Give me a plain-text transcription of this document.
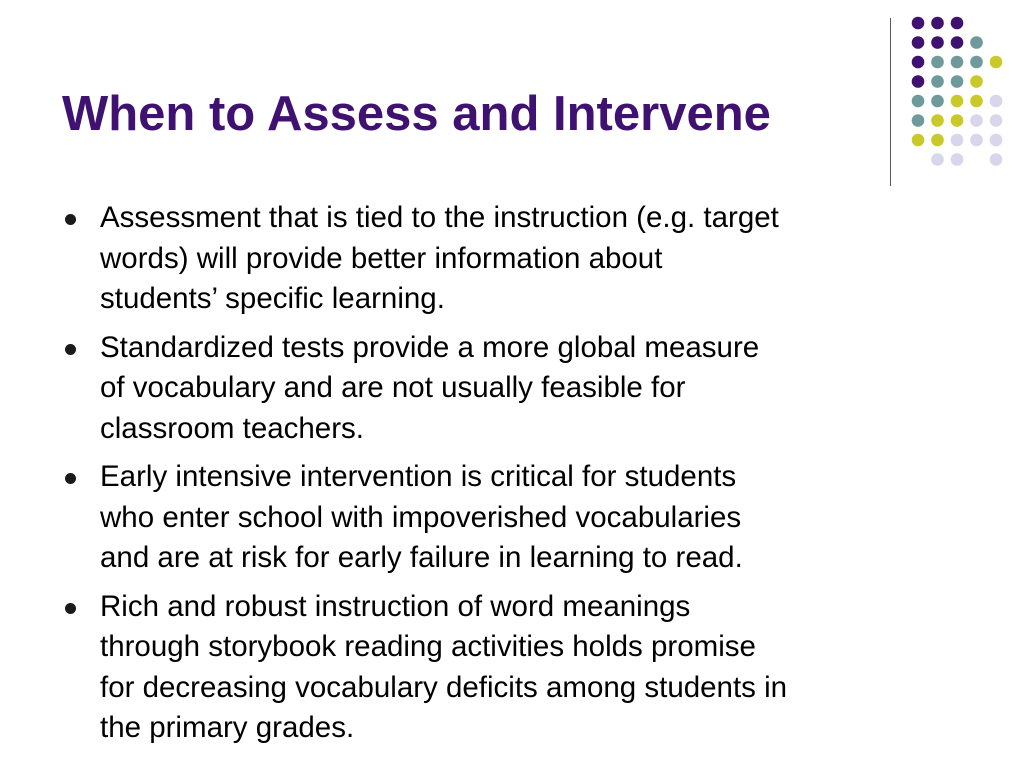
When to Assess and Intervene
Assessment that is tied to the instruction (e.g. target
words) will provide better information about
students’ specific learning.
Standardized tests provide a more global measure
of vocabulary and are not usually feasible for
classroom teachers.
Early intensive intervention is critical for students
who enter school with impoverished vocabularies
and are at risk for early failure in learning to read.
Rich and robust instruction of word meanings
through storybook reading activities holds promise
for decreasing vocabulary deficits among students in
the primary grades.
